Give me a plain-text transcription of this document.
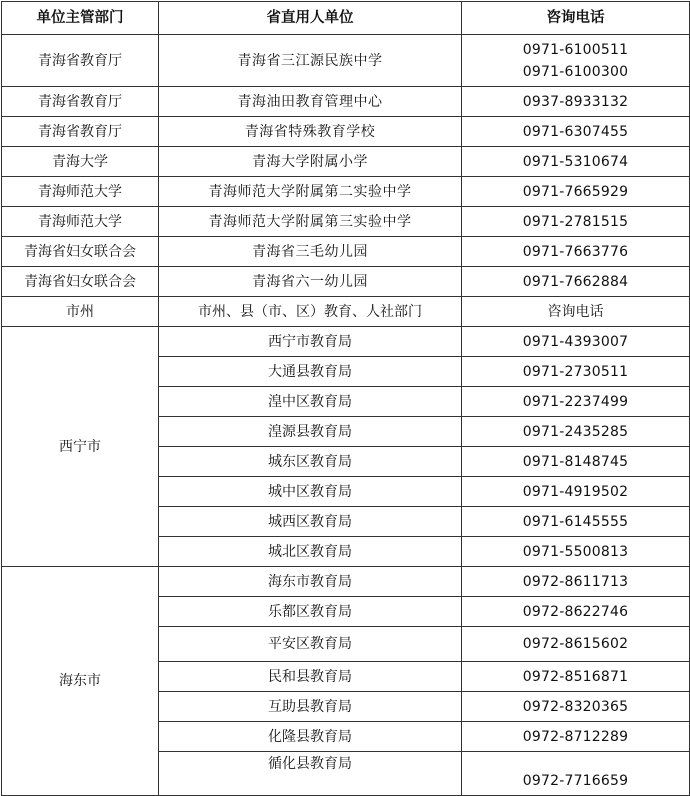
单位主管部门	省直用人单位	咨询电话
青海省教育厅	青海省三江源民族中学	0971-6100511
0971-6100300

青海省教育厅	青海油田教育管理中心	0937-8933132

青海省教育厅	青海省特殊教育学校	0971-6307455

青海大学	青海大学附属小学	0971-5310674

青海师范大学	青海师范大学附属第二实验中学	0971-7665929

青海师范大学	青海师范大学附属第三实验中学	0971-2781515

青海省妇女联合会	青海省三毛幼儿园	0971-7663776

青海省妇女联合会	青海省六一幼儿园	0971-7662884

市州	市州、县（市、区）教育、人社部门	咨询电话
西宁市	西宁市教育局	0971-4393007
	大通县教育局	0971-2730511
	湟中区教育局	0971-2237499
	湟源县教育局	0971-2435285
	城东区教育局	0971-8148745
	城中区教育局	0971-4919502
	城西区教育局	0971-6145555
	城北区教育局	0971-5500813
海东市	海东市教育局	0972-8611713
	乐都区教育局	0972-8622746
	平安区教育局	0972-8615602
	民和县教育局	0972-8516871
	互助县教育局	0972-8320365
	化隆县教育局	0972-8712289
	循化县教育局	0972-7716659
